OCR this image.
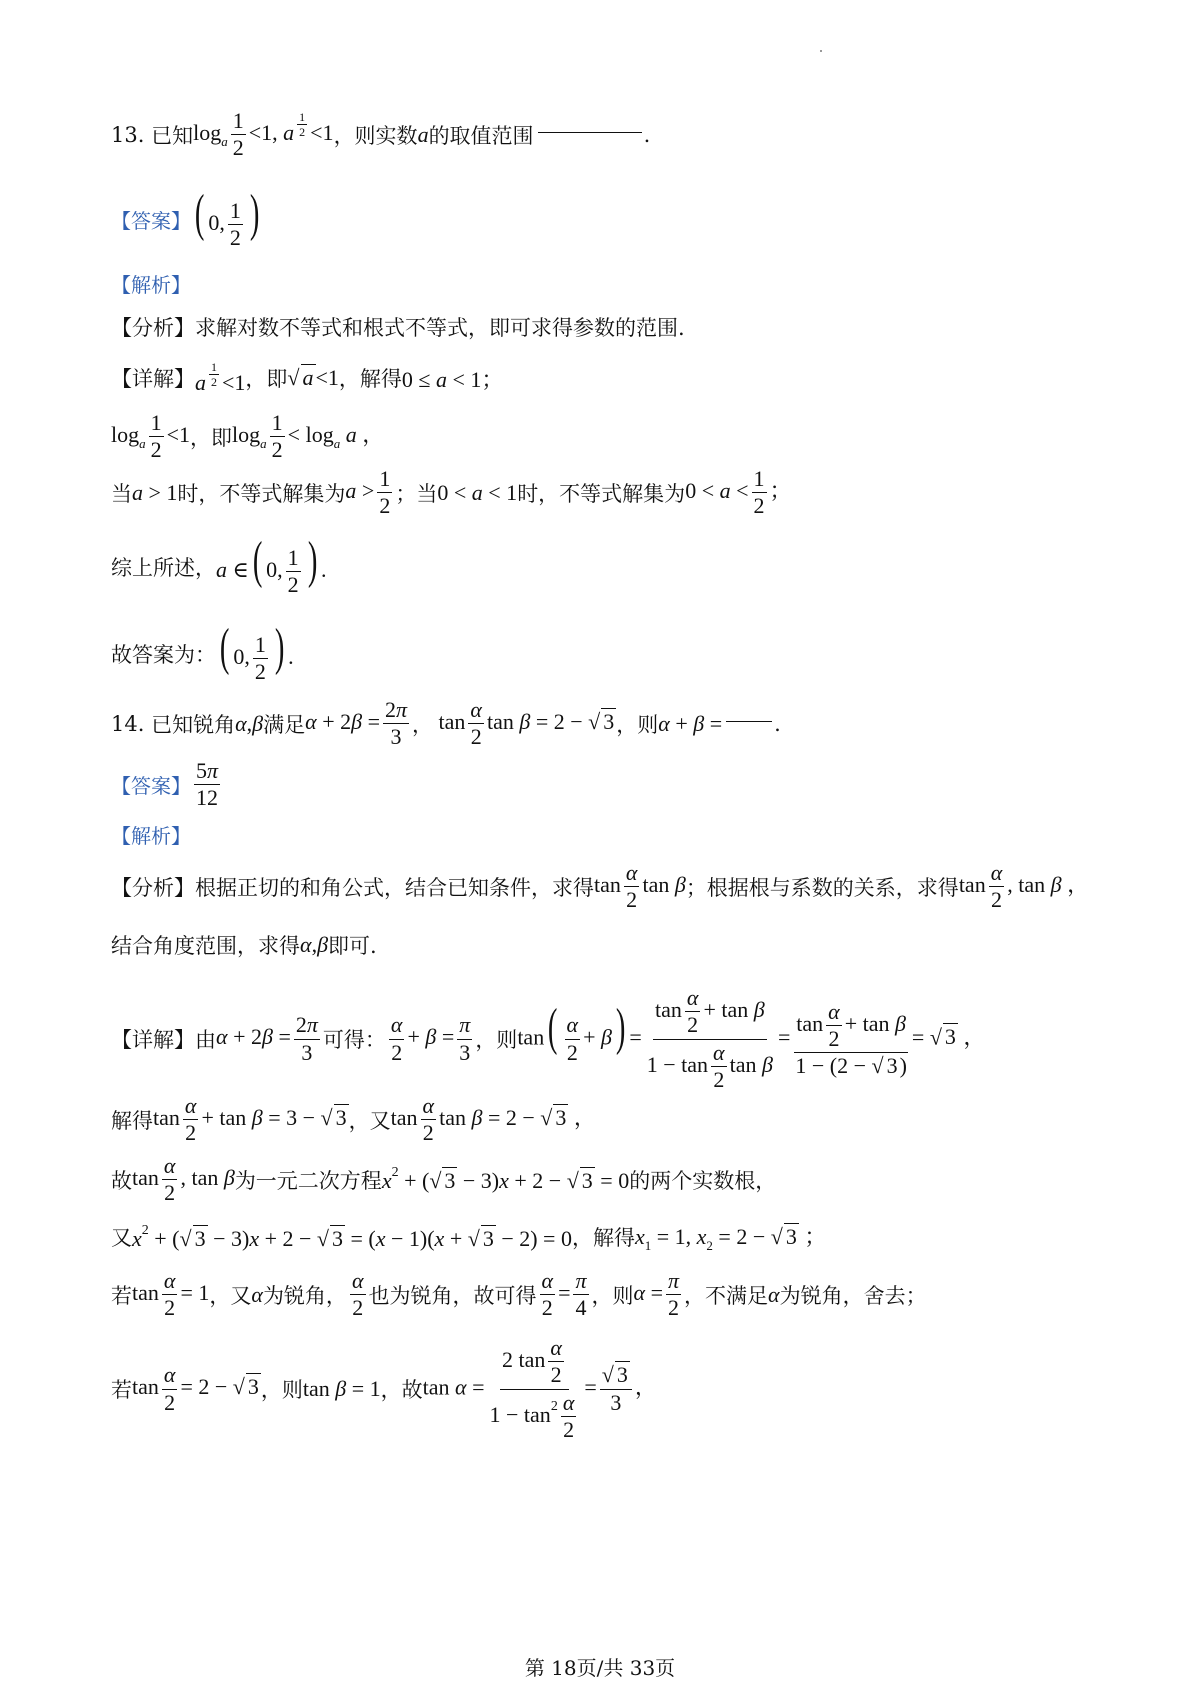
13.
已知 $\log_a \frac{1}{2} <1$, a $^{\frac{1}{2}}$ <1 ，则实数 a 的取值范围	.
【答案】 ( 0, $\frac{1}{2}$ )
【解析】
【分析】 求解对数不等式和根式不等式，即可求得参数的范围.
【详解】 a $^{\frac{1}{2}}$ <1 ，即 √ a<1 ，解得 0 ≤ a < 1；
$\log_a \frac{1}{2} <1$ ，即 $\log_a \frac{1}{2} < \log_a a$ ，
当 a > 1 时，不等式解集为 $a > \frac{1}{2}$ ；当 0 < a < 1 时，不等式解集为 $0 < a < \frac{1}{2}$ ；
综上所述， a ∈( 0, $\frac{1}{2}$ ) .
故答案为： ( 0, $\frac{1}{2}$ ) .
14.
已知锐角 α,β 满足 $\alpha + 2\beta = \frac{2\pi}{3}$ ， $\tan \frac{\alpha}{2}$ tan β = 2 − √ 3 ，则 α + β = .
【答案】 $\frac{5\pi}{12}$
【解析】
【分析】 根据正切的和角公式，结合已知条件，求得 $\tan \frac{\alpha}{2}$ tan β ；根据根与系数的关系，求得 $\tan \frac{\alpha}{2}$ , tan β ，
结合角度范围，求得 α,β 即可.
【详解】 由 $\alpha + 2\beta = \frac{2\pi}{3}$ 可得： $\frac{\alpha}{2} + \beta = \frac{\pi}{3}$ ，则 $\tan( \frac{\alpha}{2} + \beta) = \frac{\tan \frac{\alpha}{2} + \tan \beta}{1 - \tan \frac{\alpha}{2} \tan \beta} = \frac{\tan \frac{\alpha}{2} + \tan \beta}{1 - (2 - √ 3)}$ = √ 3 ，
解得 $\tan \frac{\alpha}{2} + \tan \beta = 3$ − √ 3 ，又 $\tan \frac{\alpha}{2}$ tan β = 2 − √ 3 ，
故 $\tan \frac{\alpha}{2}$ , tan β 为一元二次方程 $x^2$ + (√ 3 − 3)x + 2 − √ 3 = 0 的两个实数根，
又 $x^2$ + (√ 3 − 3)x + 2 − √ 3 = (x − 1)(x + √ 3 − 2) = 0 ，解得 $x_1 = 1$, $x_2 = 2$ − √ 3 ；
若 $\tan \frac{\alpha}{2} = 1$ ，又 α 为锐角， $\frac{\alpha}{2}$ 也为锐角，故可得 $\frac{\alpha}{2} = \frac{\pi}{4}$ ，则 $\alpha = \frac{\pi}{2}$ ，不满足 α 为锐角，舍去；
若 $\tan \frac{\alpha}{2} = 2$ − √ 3 ，则 tan β = 1 ，故 $\tan \alpha = \frac{2 \tan \frac{\alpha}{2}}{1 - \tan^2 \frac{\alpha}{2}} = \frac{√ 3}{3}$ ，
第 18页/共 33页
